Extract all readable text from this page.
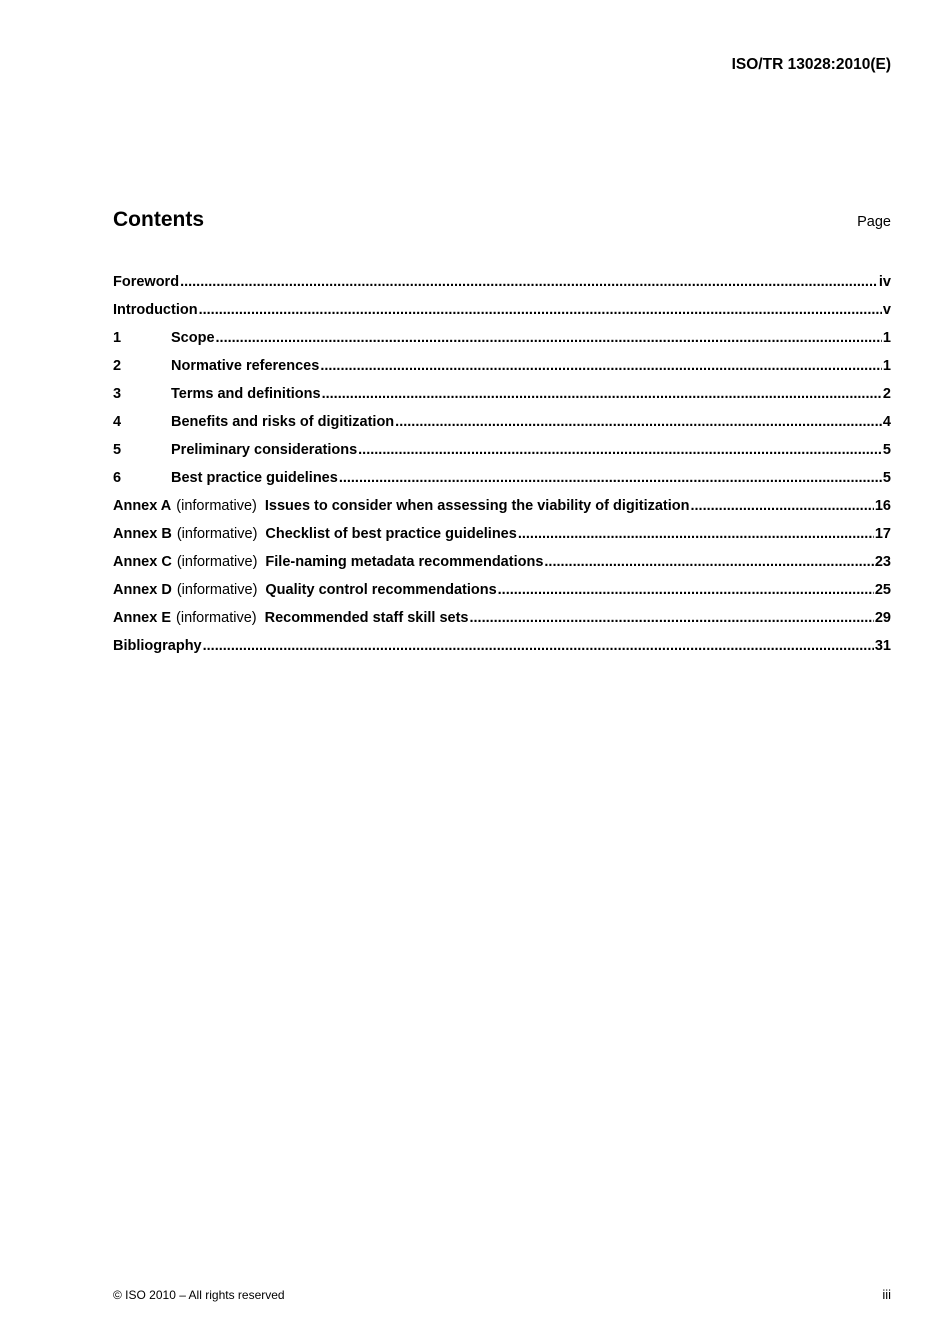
ISO/TR 13028:2010(E)
Contents	Page
Foreword .....	iv
Introduction .....	v
1	Scope .....	1
2	Normative references .....	1
3	Terms and definitions .....	2
4	Benefits and risks of digitization .....	4
5	Preliminary considerations .....	5
6	Best practice guidelines .....	5
Annex A (informative) Issues to consider when assessing the viability of digitization .....	16
Annex B (informative) Checklist of best practice guidelines .....	17
Annex C (informative) File-naming metadata recommendations .....	23
Annex D (informative) Quality control recommendations .....	25
Annex E (informative) Recommended staff skill sets .....	29
Bibliography .....	31
© ISO 2010 – All rights reserved	iii
